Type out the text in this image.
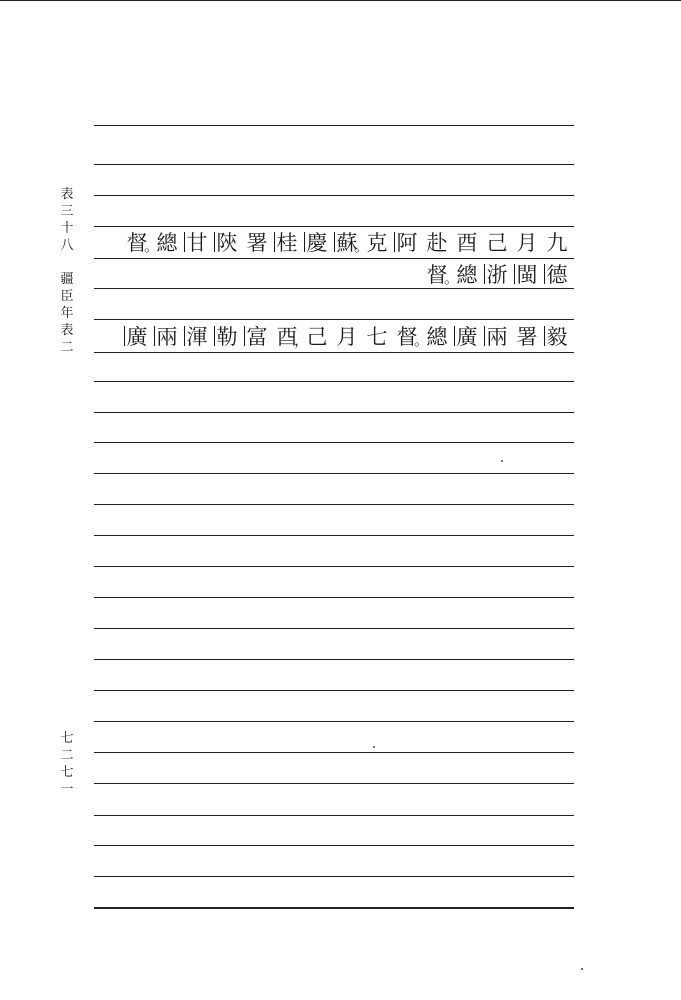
表
三
十
八
疆
臣
年
表
二
七
二
七
一
九
月
己
酉
赴
阿
克
蘇
。
慶
桂
署
陝
甘
總
督
。
德
閩
浙
總
督
。
毅
署
兩
廣
總
督
。
七
月
己
酉
，
富
勒
渾
兩
廣
